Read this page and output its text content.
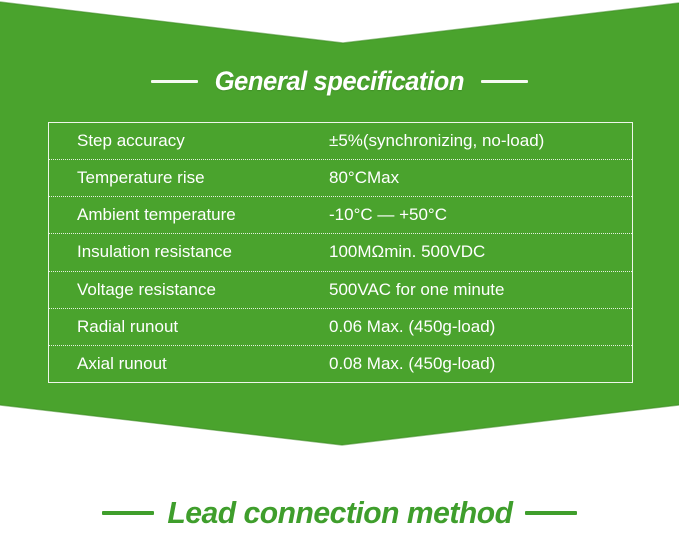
General specification
Step accuracy	±5%(synchronizing, no-load)
Temperature rise	80°CMax
Ambient temperature	-10°C — +50°C
Insulation resistance	100MΩmin. 500VDC
Voltage resistance	500VAC for one minute
Radial runout	0.06 Max. (450g-load)
Axial runout	0.08 Max. (450g-load)
Lead connection method
